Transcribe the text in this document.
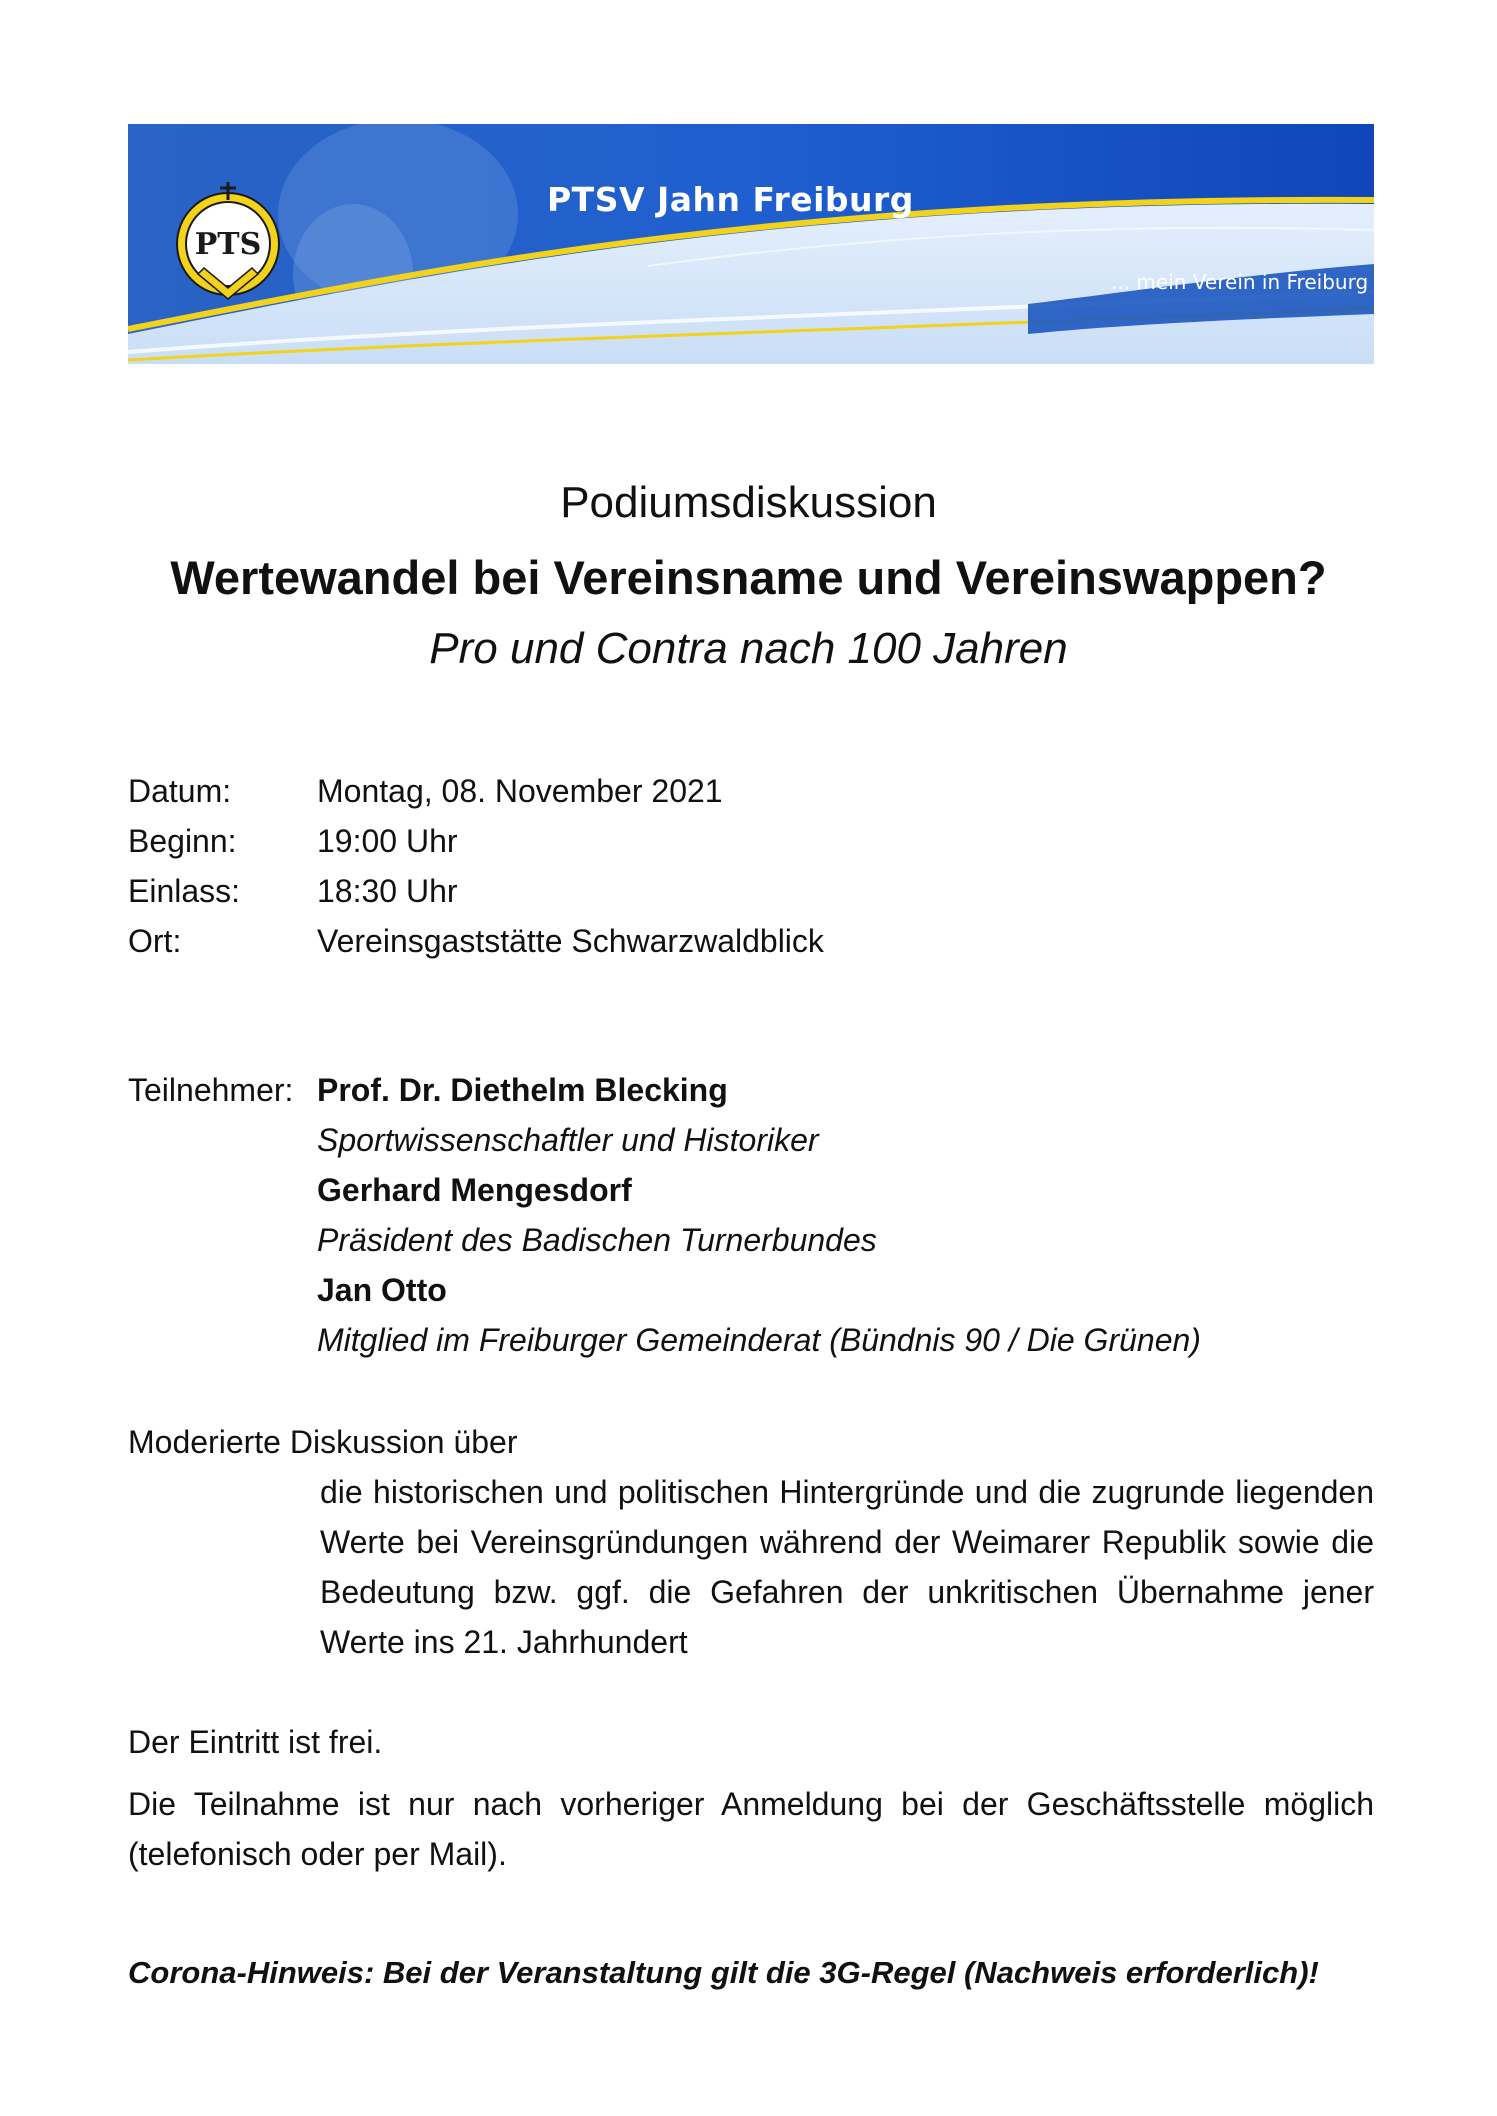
PTS
PTSV Jahn Freiburg
... mein Verein in Freiburg
Podiumsdiskussion
Wertewandel bei Vereinsname und Vereinswappen?
Pro und Contra nach 100 Jahren
Datum:	Montag, 08. November 2021
Beginn:	19:00 Uhr
Einlass: 18:30 Uhr
Ort:	Vereinsgaststätte Schwarzwaldblick
Teilnehmer: Prof. Dr. Diethelm Blecking
Sportwissenschaftler und Historiker
Gerhard Mengesdorf
Präsident des Badischen Turnerbundes
Jan Otto
Mitglied im Freiburger Gemeinderat (Bündnis 90 / Die Grünen)
Moderierte Diskussion über
die historischen und politischen Hintergründe und die zugrunde liegenden Werte bei Vereinsgründungen während der Weimarer Republik sowie die Bedeutung bzw. ggf. die Gefahren der unkritischen Übernahme jener Werte ins 21. Jahrhundert
Der Eintritt ist frei.
Die Teilnahme ist nur nach vorheriger Anmeldung bei der Geschäftsstelle möglich (telefonisch oder per Mail).
Corona-Hinweis: Bei der Veranstaltung gilt die 3G-Regel (Nachweis erforderlich)!
